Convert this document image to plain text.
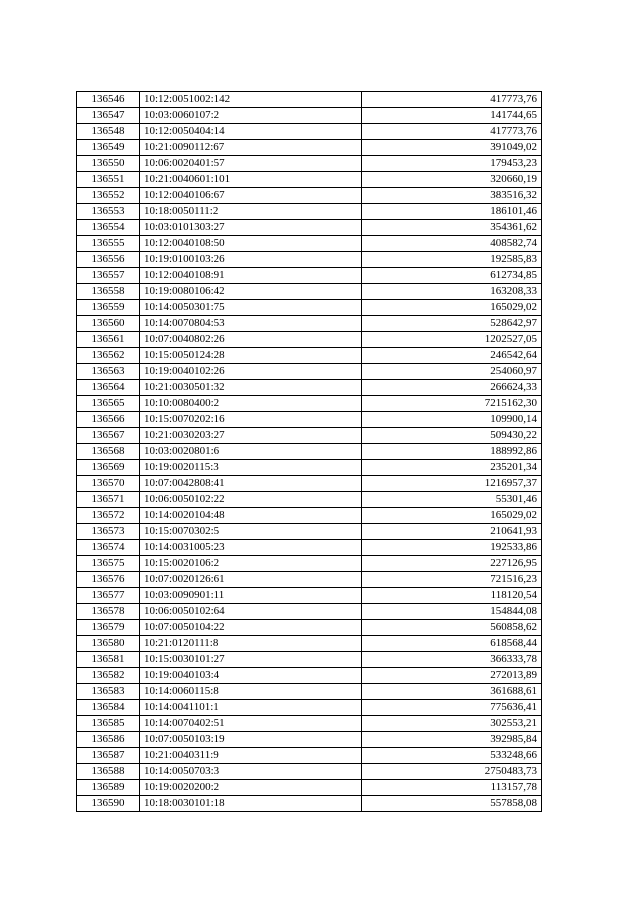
136546	10:12:0051002:142	417773,76
136547	10:03:0060107:2	141744,65
136548	10:12:0050404:14	417773,76
136549	10:21:0090112:67	391049,02
136550	10:06:0020401:57	179453,23
136551	10:21:0040601:101	320660,19
136552	10:12:0040106:67	383516,32
136553	10:18:0050111:2	186101,46
136554	10:03:0101303:27	354361,62
136555	10:12:0040108:50	408582,74
136556	10:19:0100103:26	192585,83
136557	10:12:0040108:91	612734,85
136558	10:19:0080106:42	163208,33
136559	10:14:0050301:75	165029,02
136560	10:14:0070804:53	528642,97
136561	10:07:0040802:26	1202527,05
136562	10:15:0050124:28	246542,64
136563	10:19:0040102:26	254060,97
136564	10:21:0030501:32	266624,33
136565	10:10:0080400:2	7215162,30
136566	10:15:0070202:16	109900,14
136567	10:21:0030203:27	509430,22
136568	10:03:0020801:6	188992,86
136569	10:19:0020115:3	235201,34
136570	10:07:0042808:41	1216957,37
136571	10:06:0050102:22	55301,46
136572	10:14:0020104:48	165029,02
136573	10:15:0070302:5	210641,93
136574	10:14:0031005:23	192533,86
136575	10:15:0020106:2	227126,95
136576	10:07:0020126:61	721516,23
136577	10:03:0090901:11	118120,54
136578	10:06:0050102:64	154844,08
136579	10:07:0050104:22	560858,62
136580	10:21:0120111:8	618568,44
136581	10:15:0030101:27	366333,78
136582	10:19:0040103:4	272013,89
136583	10:14:0060115:8	361688,61
136584	10:14:0041101:1	775636,41
136585	10:14:0070402:51	302553,21
136586	10:07:0050103:19	392985,84
136587	10:21:0040311:9	533248,66
136588	10:14:0050703:3	2750483,73
136589	10:19:0020200:2	113157,78
136590	10:18:0030101:18	557858,08
